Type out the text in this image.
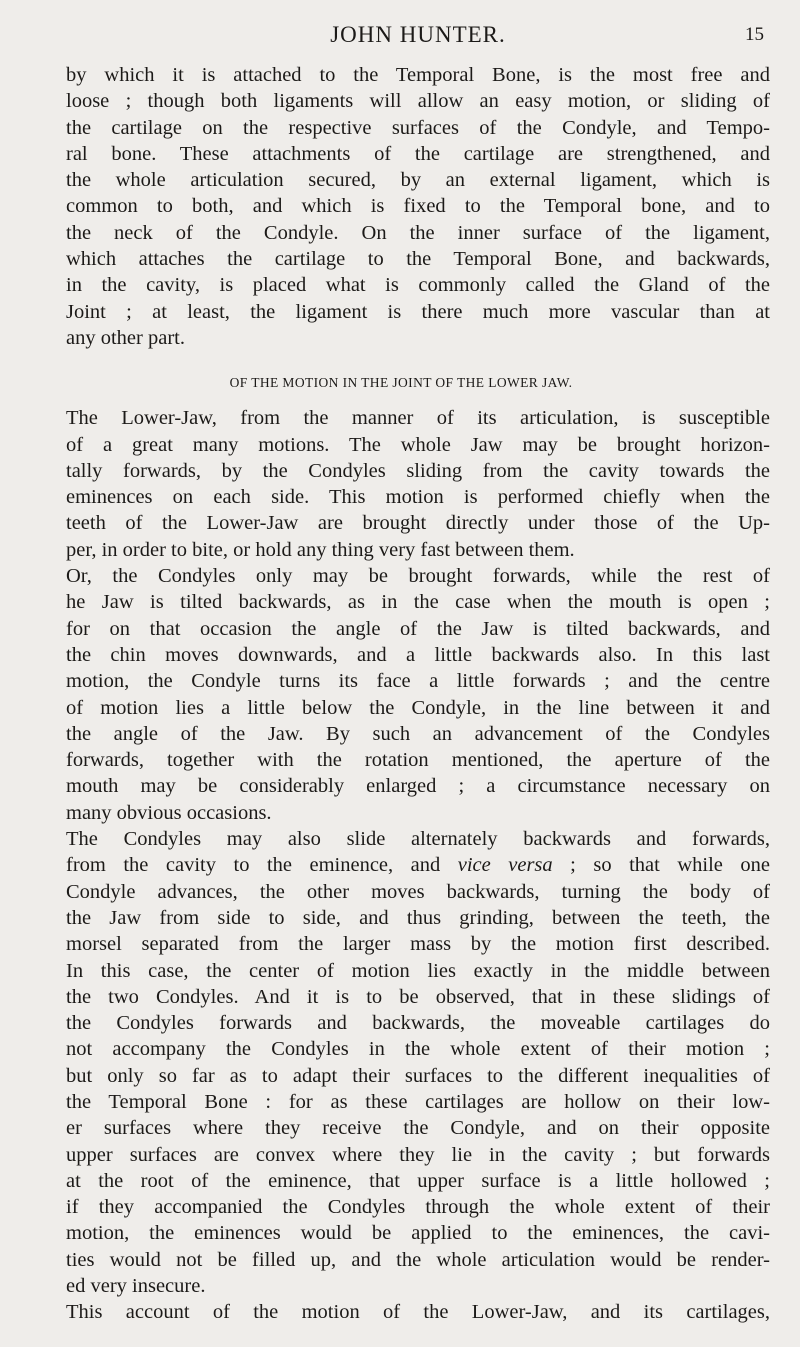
JOHN HUNTER.	15

by which it is attached to the Temporal Bone, is the most free and
loose ; though both ligaments will allow an easy motion, or sliding of
the cartilage on the respective surfaces of the Condyle, and Tempo-
ral bone. These attachments of the cartilage are strengthened, and
the whole articulation secured, by an external ligament, which is
common to both, and which is fixed to the Temporal bone, and to
the neck of the Condyle. On the inner surface of the ligament,
which attaches the cartilage to the Temporal Bone, and backwards,
in the cavity, is placed what is commonly called the Gland of the
Joint ; at least, the ligament is there much more vascular than at
any other part.

OF THE MOTION IN THE JOINT OF THE LOWER JAW.

The Lower-Jaw, from the manner of its articulation, is susceptible
of a great many motions. The whole Jaw may be brought horizon-
tally forwards, by the Condyles sliding from the cavity towards the
eminences on each side. This motion is performed chiefly when the
teeth of the Lower-Jaw are brought directly under those of the Up-
per, in order to bite, or hold any thing very fast between them.

Or, the Condyles only may be brought forwards, while the rest of
he Jaw is tilted backwards, as in the case when the mouth is open ;
for on that occasion the angle of the Jaw is tilted backwards, and
the chin moves downwards, and a little backwards also. In this last
motion, the Condyle turns its face a little forwards ; and the centre
of motion lies a little below the Condyle, in the line between it and
the angle of the Jaw. By such an advancement of the Condyles
forwards, together with the rotation mentioned, the aperture of the
mouth may be considerably enlarged ; a circumstance necessary on
many obvious occasions.

The Condyles may also slide alternately backwards and forwards,
from the cavity to the eminence, and vice versa ; so that while one
Condyle advances, the other moves backwards, turning the body of
the Jaw from side to side, and thus grinding, between the teeth, the
morsel separated from the larger mass by the motion first described.
In this case, the center of motion lies exactly in the middle between
the two Condyles. And it is to be observed, that in these slidings of
the Condyles forwards and backwards, the moveable cartilages do
not accompany the Condyles in the whole extent of their motion ;
but only so far as to adapt their surfaces to the different inequalities of
the Temporal Bone : for as these cartilages are hollow on their low-
er surfaces where they receive the Condyle, and on their opposite
upper surfaces are convex where they lie in the cavity ; but forwards
at the root of the eminence, that upper surface is a little hollowed ;
if they accompanied the Condyles through the whole extent of their
motion, the eminences would be applied to the eminences, the cavi-
ties would not be filled up, and the whole articulation would be render-
ed very insecure.

This account of the motion of the Lower-Jaw, and its cartilages,
